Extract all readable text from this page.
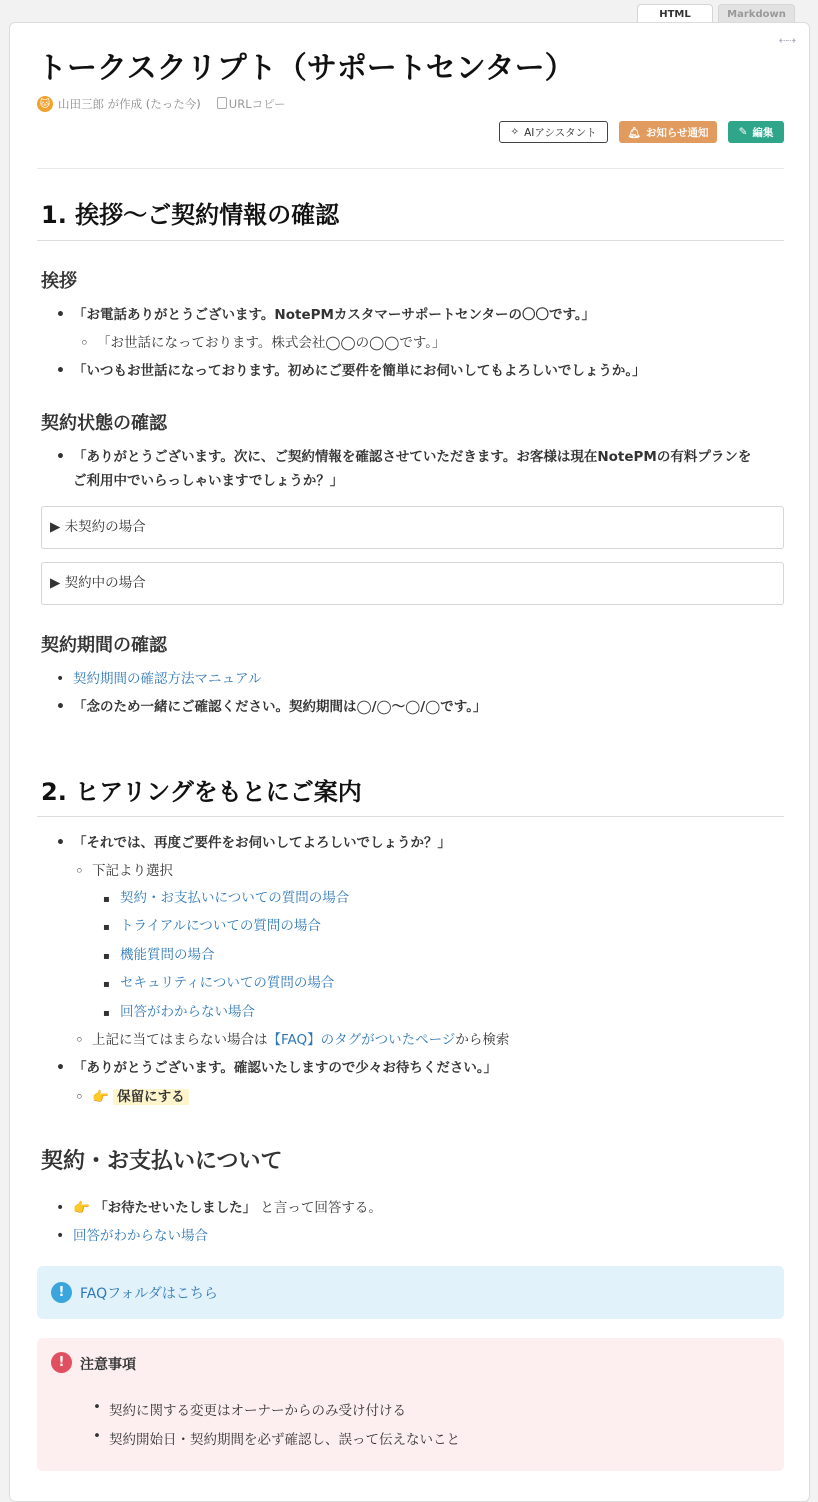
HTML	Markdown
⇠⇢
トークスクリプト（サポートセンター）
🐱 山田三郎
が作成 (たった今) URLコピー
✧ AIアシスタント	🔔︎ お知らせ通知	✎ 編集
1. 挨拶〜ご契約情報の確認
挨拶
•
「お電話ありがとうございます。NotePMカスタマーサポートセンターの〇〇です。」
◦
「お世話になっております。株式会社◯◯の◯◯です。」
•
「いつもお世話になっております。初めにご要件を簡単にお伺いしてもよろしいでしょうか。」
契約状態の確認
•
「ありがとうございます。次に、ご契約情報を確認させていただきます。お客様は現在NotePMの有料プランを
ご利用中でいらっしゃいますでしょうか？」
▶ 未契約の場合
▶ 契約中の場合
契約期間の確認
•
契約期間の確認方法マニュアル
•
「念のため一緒にご確認ください。契約期間は◯/◯〜◯/◯です。」
2. ヒアリングをもとにご案内
•
「それでは、再度ご要件をお伺いしてよろしいでしょうか？」
◦
下記より選択
▪
契約・お支払いについての質問の場合
▪
トライアルについての質問の場合
▪
機能質問の場合
▪
セキュリティについての質問の場合
▪
回答がわからない場合
◦
上記に当てはまらない場合は【FAQ】のタグがついたページから検索
•
「ありがとうございます。確認いたしますので少々お待ちください。」
◦
👉 保留にする
契約・お支払いについて
•
👉 「お待たせいたしました」 と言って回答する。
•
回答がわからない場合
!	FAQフォルダはこちら
!	注意事項
• 契約に関する変更はオーナーからのみ受け付ける
• 契約開始日・契約期間を必ず確認し、誤って伝えないこと
